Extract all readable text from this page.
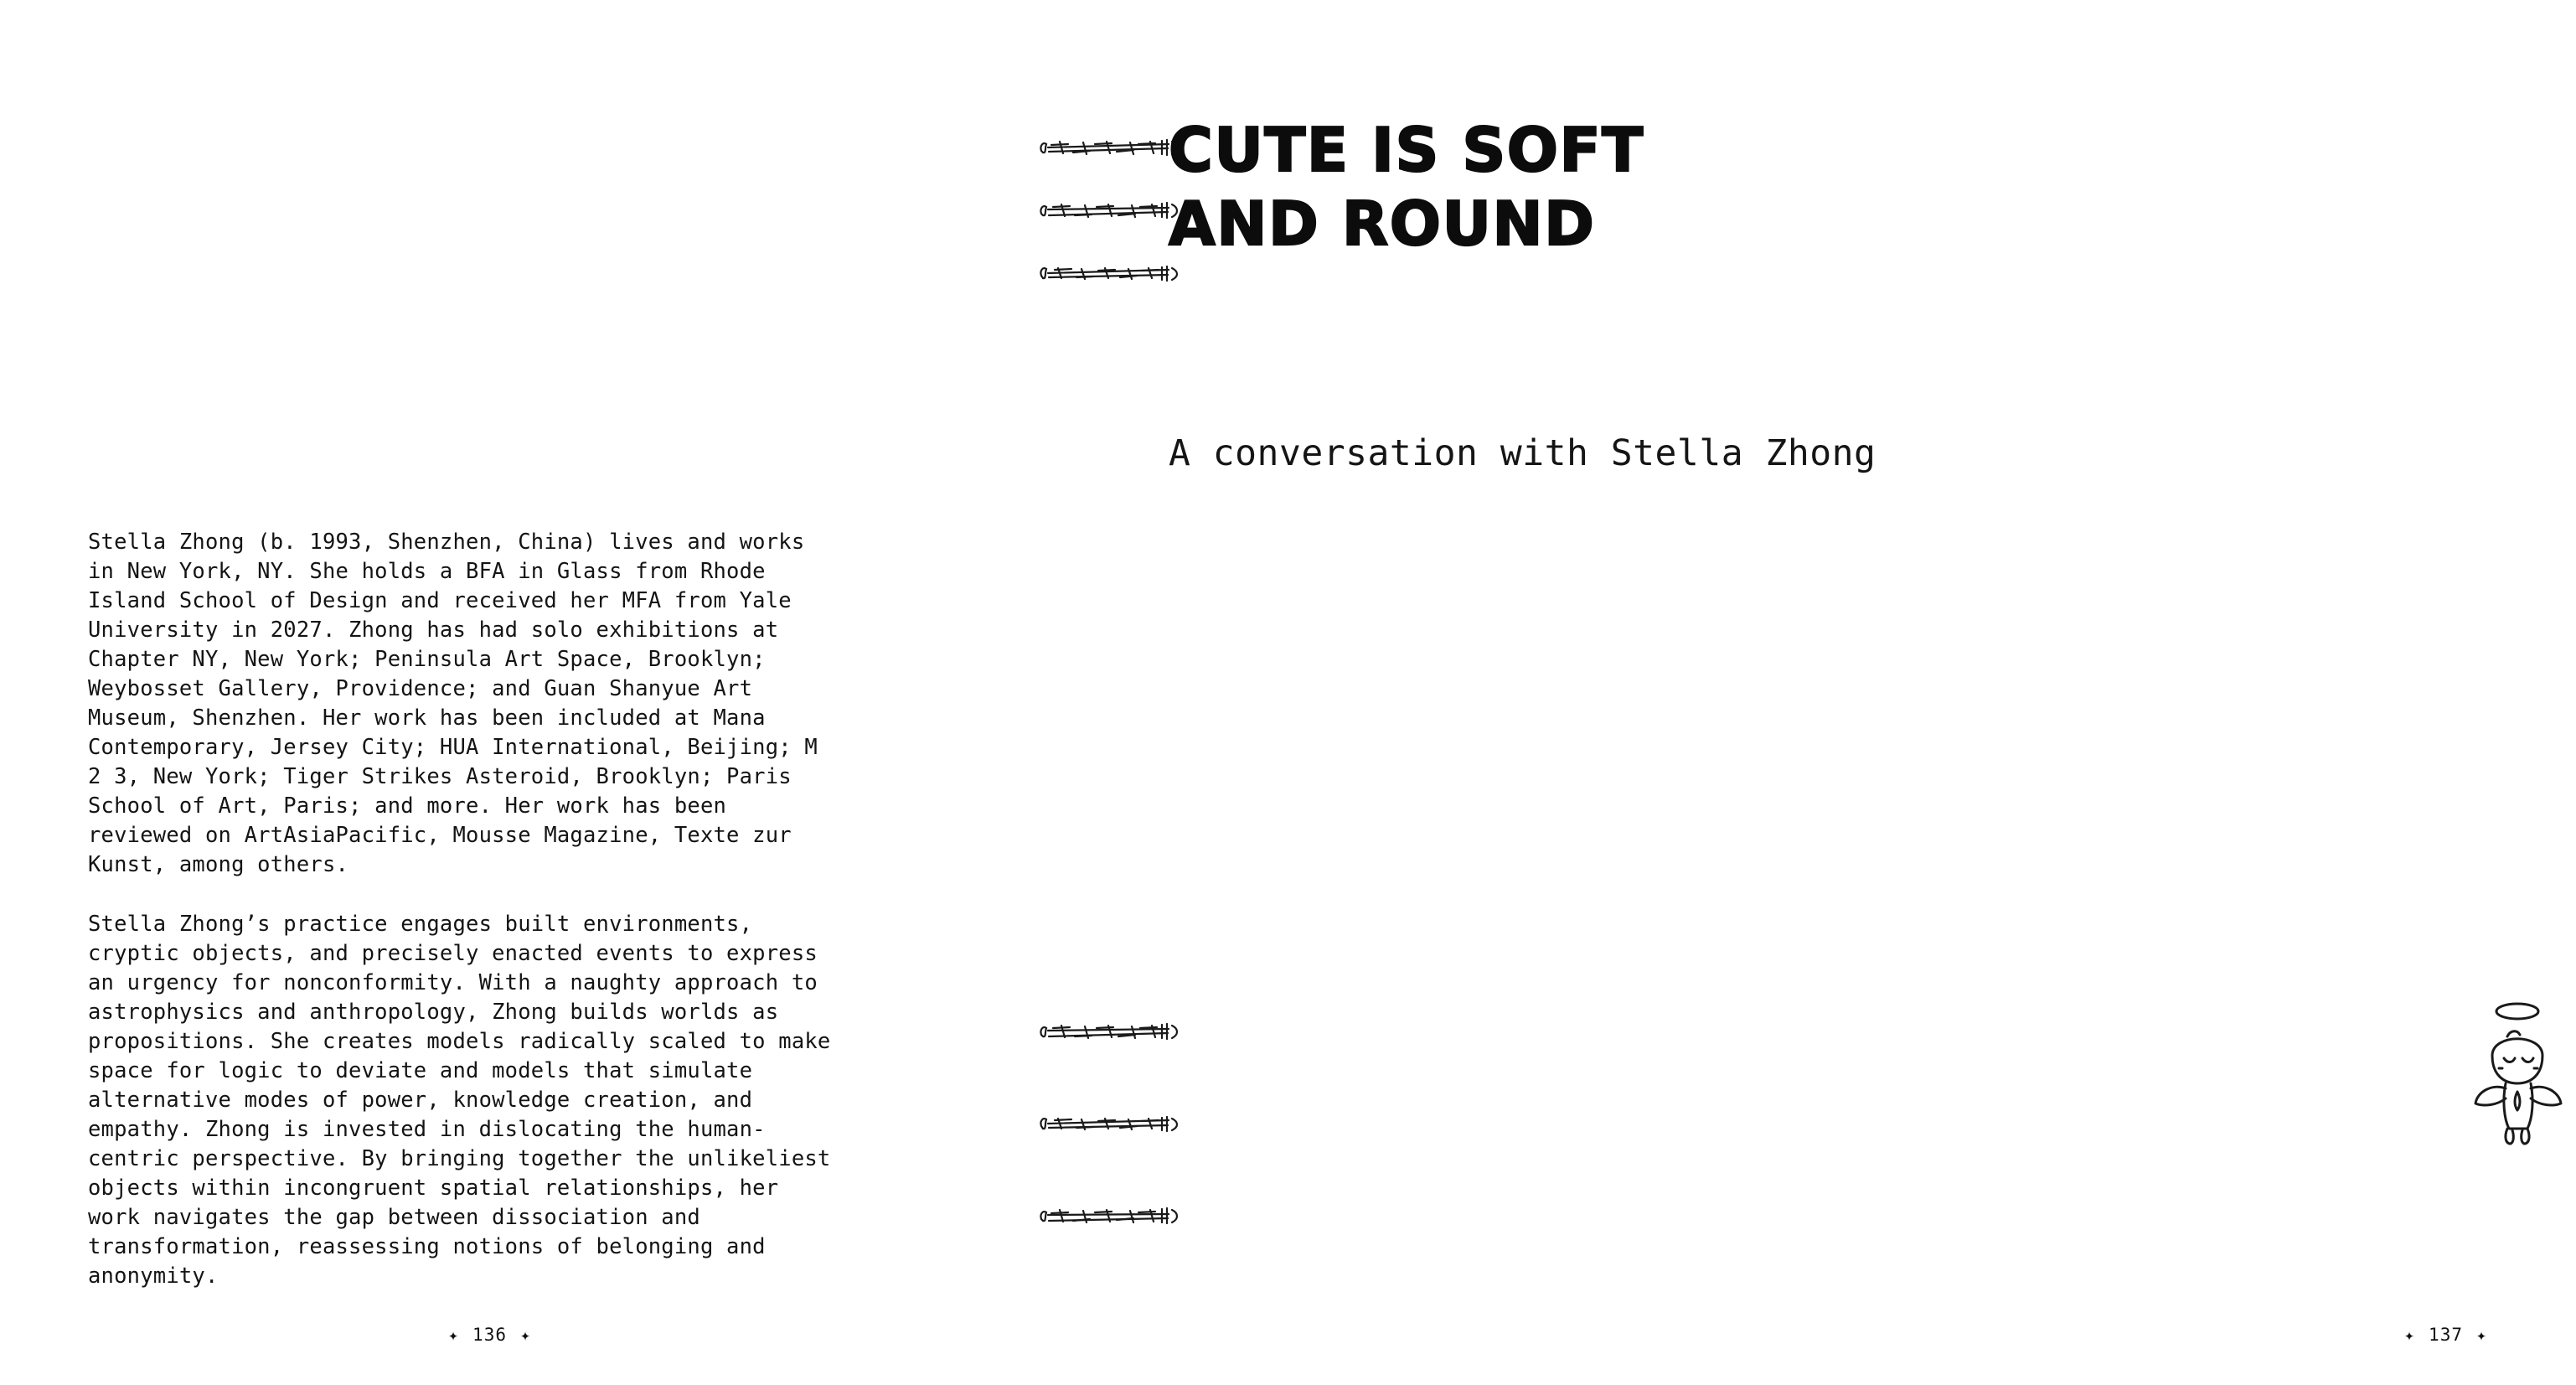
Stella Zhong (b. 1993, Shenzhen, China) lives and works in New York, NY. She holds a BFA in Glass from Rhode Island School of Design and received her MFA from Yale University in 2027. Zhong has had solo exhibitions at Chapter NY, New York; Peninsula Art Space, Brooklyn; Weybosset Gallery, Providence; and Guan Shanyue Art Museum, Shenzhen. Her work has been included at Mana Contemporary, Jersey City; HUA International, Beijing; M 2 3, New York; Tiger Strikes Asteroid, Brooklyn; Paris School of Art, Paris; and more. Her work has been reviewed on ArtAsiaPacific, Mousse Magazine, Texte zur Kunst, among others.

Stella Zhong’s practice engages built environments, cryptic objects, and precisely enacted events to express an urgency for nonconformity. With a naughty approach to astrophysics and anthropology, Zhong builds worlds as propositions. She creates models radically scaled to make space for logic to deviate and models that simulate alternative modes of power, knowledge creation, and empathy. Zhong is invested in dislocating the human-centric perspective. By bringing together the unlikeliest objects within incongruent spatial relationships, her work navigates the gap between dissociation and transformation, reassessing notions of belonging and anonymity.

✦ 136 ✦
CUTE IS SOFT AND ROUND
A conversation with Stella Zhong
✦ 137 ✦
